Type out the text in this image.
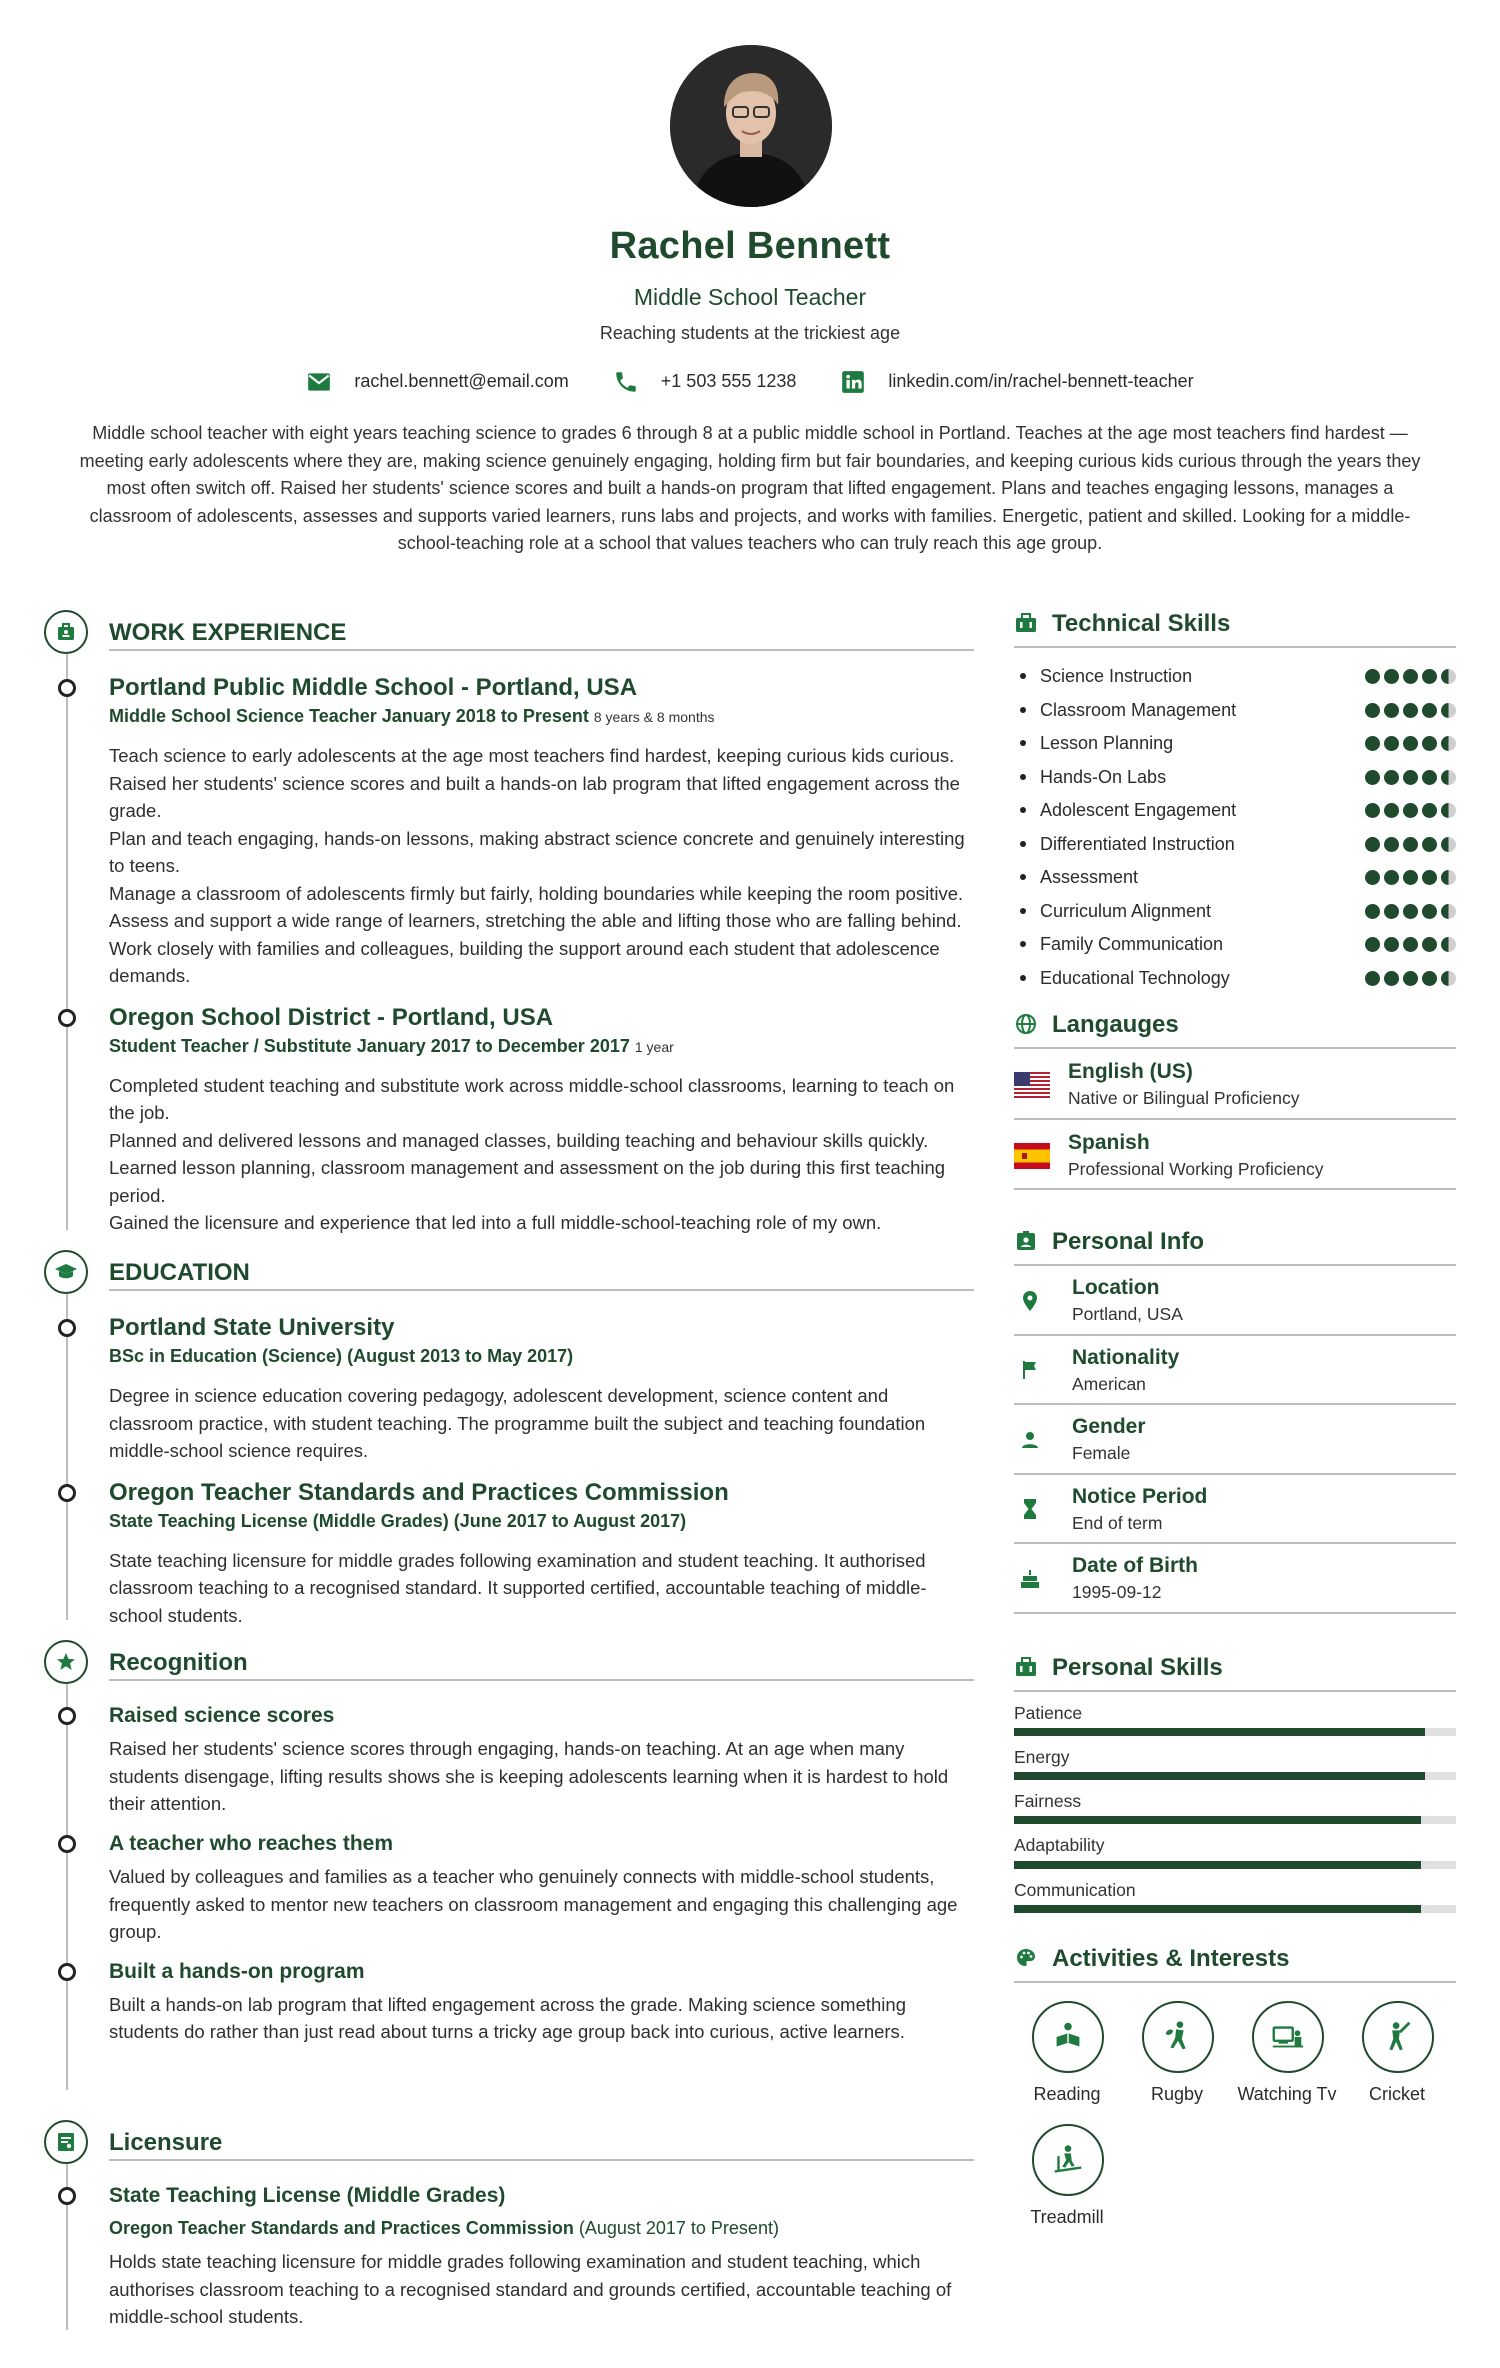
Rachel Bennett
Middle School Teacher
Reaching students at the trickiest age
rachel.bennett@email.com	+1 503 555 1238	linkedin.com/in/rachel-bennett-teacher
Middle school teacher with eight years teaching science to grades 6 through 8 at a public middle school in Portland. Teaches at the age most teachers find hardest — meeting early adolescents where they are, making science genuinely engaging, holding firm but fair boundaries, and keeping curious kids curious through the years they most often switch off. Raised her students' science scores and built a hands-on program that lifted engagement. Plans and teaches engaging lessons, manages a classroom of adolescents, assesses and supports varied learners, runs labs and projects, and works with families. Energetic, patient and skilled. Looking for a middle-school-teaching role at a school that values teachers who can truly reach this age group.
WORK EXPERIENCE
Portland Public Middle School - Portland, USA
Middle School Science Teacher January 2018 to Present 8 years & 8 months
Teach science to early adolescents at the age most teachers find hardest, keeping curious kids curious.
Raised her students' science scores and built a hands-on lab program that lifted engagement across the grade.
Plan and teach engaging, hands-on lessons, making abstract science concrete and genuinely interesting to teens.
Manage a classroom of adolescents firmly but fairly, holding boundaries while keeping the room positive.
Assess and support a wide range of learners, stretching the able and lifting those who are falling behind.
Work closely with families and colleagues, building the support around each student that adolescence demands.
Oregon School District - Portland, USA
Student Teacher / Substitute January 2017 to December 2017 1 year
Completed student teaching and substitute work across middle-school classrooms, learning to teach on the job.
Planned and delivered lessons and managed classes, building teaching and behaviour skills quickly.
Learned lesson planning, classroom management and assessment on the job during this first teaching period.
Gained the licensure and experience that led into a full middle-school-teaching role of my own.
EDUCATION
Portland State University
BSc in Education (Science) (August 2013 to May 2017)
Degree in science education covering pedagogy, adolescent development, science content and classroom practice, with student teaching. The programme built the subject and teaching foundation middle-school science requires.
Oregon Teacher Standards and Practices Commission
State Teaching License (Middle Grades) (June 2017 to August 2017)
State teaching licensure for middle grades following examination and student teaching. It authorised classroom teaching to a recognised standard. It supported certified, accountable teaching of middle-school students.
Recognition
Raised science scores
Raised her students' science scores through engaging, hands-on teaching. At an age when many students disengage, lifting results shows she is keeping adolescents learning when it is hardest to hold their attention.
A teacher who reaches them
Valued by colleagues and families as a teacher who genuinely connects with middle-school students, frequently asked to mentor new teachers on classroom management and engaging this challenging age group.
Built a hands-on program
Built a hands-on lab program that lifted engagement across the grade. Making science something students do rather than just read about turns a tricky age group back into curious, active learners.
Licensure
State Teaching License (Middle Grades)
Oregon Teacher Standards and Practices Commission (August 2017 to Present)
Holds state teaching licensure for middle grades following examination and student teaching, which authorises classroom teaching to a recognised standard and grounds certified, accountable teaching of middle-school students.
Technical Skills
Science Instruction
Classroom Management
Lesson Planning
Hands-On Labs
Adolescent Engagement
Differentiated Instruction
Assessment
Curriculum Alignment
Family Communication
Educational Technology
Langauges
English (US)
Native or Bilingual Proficiency
Spanish
Professional Working Proficiency
Personal Info
Location
Portland, USA
Nationality
American
Gender
Female
Notice Period
End of term
Date of Birth
1995-09-12
Personal Skills
Patience
Energy
Fairness
Adaptability
Communication
Activities & Interests
Reading	Rugby	Watching Tv	Cricket
Treadmill
